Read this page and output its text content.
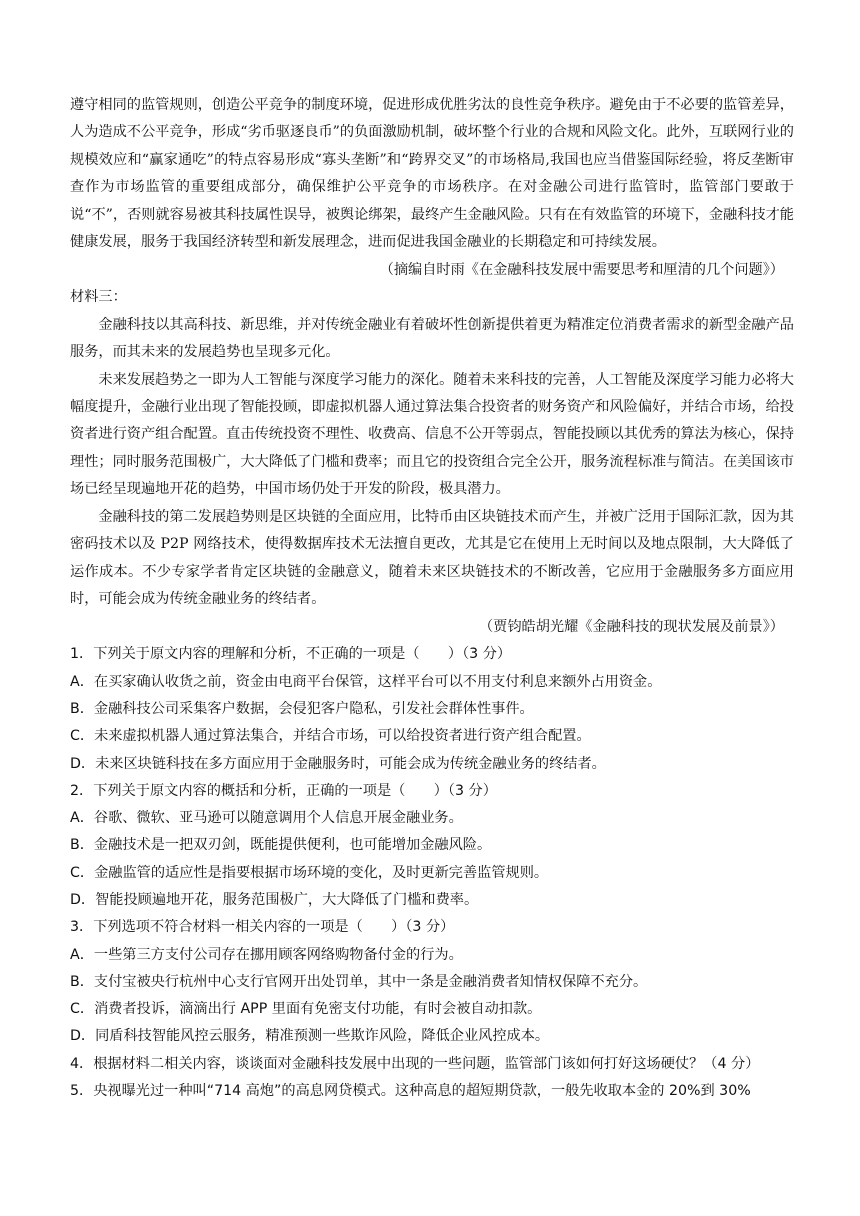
遵守相同的监管规则，创造公平竞争的制度环境，促进形成优胜劣汰的良性竞争秩序。避免由于不必要的监管差异，人为造成不公平竞争，形成“劣币驱逐良币”的负面激励机制，破坏整个行业的合规和风险文化。此外，互联网行业的规模效应和“赢家通吃”的特点容易形成“寡头垄断”和“跨界交叉”的市场格局,我国也应当借鉴国际经验，将反垄断审查作为市场监管的重要组成部分，确保维护公平竞争的市场秩序。在对金融公司进行监管时，监管部门要敢于说“不”，否则就容易被其科技属性误导，被舆论绑架，最终产生金融风险。只有在有效监管的环境下，金融科技才能健康发展，服务于我国经济转型和新发展理念，进而促进我国金融业的长期稳定和可持续发展。

（摘编自时雨《在金融科技发展中需要思考和厘清的几个问题》）

材料三：

金融科技以其高科技、新思维，并对传统金融业有着破坏性创新提供着更为精准定位消费者需求的新型金融产品服务，而其未来的发展趋势也呈现多元化。

未来发展趋势之一即为人工智能与深度学习能力的深化。随着未来科技的完善，人工智能及深度学习能力必将大幅度提升，金融行业出现了智能投顾，即虚拟机器人通过算法集合投资者的财务资产和风险偏好，并结合市场，给投资者进行资产组合配置。直击传统投资不理性、收费高、信息不公开等弱点，智能投顾以其优秀的算法为核心，保持理性；同时服务范围极广，大大降低了门槛和费率；而且它的投资组合完全公开，服务流程标准与简洁。在美国该市场已经呈现遍地开花的趋势，中国市场仍处于开发的阶段，极具潜力。

金融科技的第二发展趋势则是区块链的全面应用，比特币由区块链技术而产生，并被广泛用于国际汇款，因为其密码技术以及 P2P 网络技术，使得数据库技术无法擅自更改，尤其是它在使用上无时间以及地点限制，大大降低了运作成本。不少专家学者肯定区块链的金融意义，随着未来区块链技术的不断改善，它应用于金融服务多方面应用时，可能会成为传统金融业务的终结者。

（贾钧皓胡光耀《金融科技的现状发展及前景》）

1．下列关于原文内容的理解和分析，不正确的一项是（　　）（3 分）

A．在买家确认收货之前，资金由电商平台保管，这样平台可以不用支付利息来额外占用资金。

B．金融科技公司采集客户数据，会侵犯客户隐私，引发社会群体性事件。

C．未来虚拟机器人通过算法集合，并结合市场，可以给投资者进行资产组合配置。

D．未来区块链科技在多方面应用于金融服务时，可能会成为传统金融业务的终结者。

2．下列关于原文内容的概括和分析，正确的一项是（　　）（3 分）

A．谷歌、微软、亚马逊可以随意调用个人信息开展金融业务。

B．金融技术是一把双刃剑，既能提供便利，也可能增加金融风险。

C．金融监管的适应性是指要根据市场环境的变化，及时更新完善监管规则。

D．智能投顾遍地开花，服务范围极广，大大降低了门槛和费率。

3．下列选项不符合材料一相关内容的一项是（　　）（3 分）

A．一些第三方支付公司存在挪用顾客网络购物备付金的行为。

B．支付宝被央行杭州中心支行官网开出处罚单，其中一条是金融消费者知情权保障不充分。

C．消费者投诉，滴滴出行 APP 里面有免密支付功能，有时会被自动扣款。

D．同盾科技智能风控云服务，精准预测一些欺诈风险，降低企业风控成本。

4．根据材料二相关内容，谈谈面对金融科技发展中出现的一些问题，监管部门该如何打好这场硬仗？（4 分）

5．央视曝光过一种叫“714 高炮”的高息网贷模式。这种高息的超短期贷款，一般先收取本金的 20%到 30%
